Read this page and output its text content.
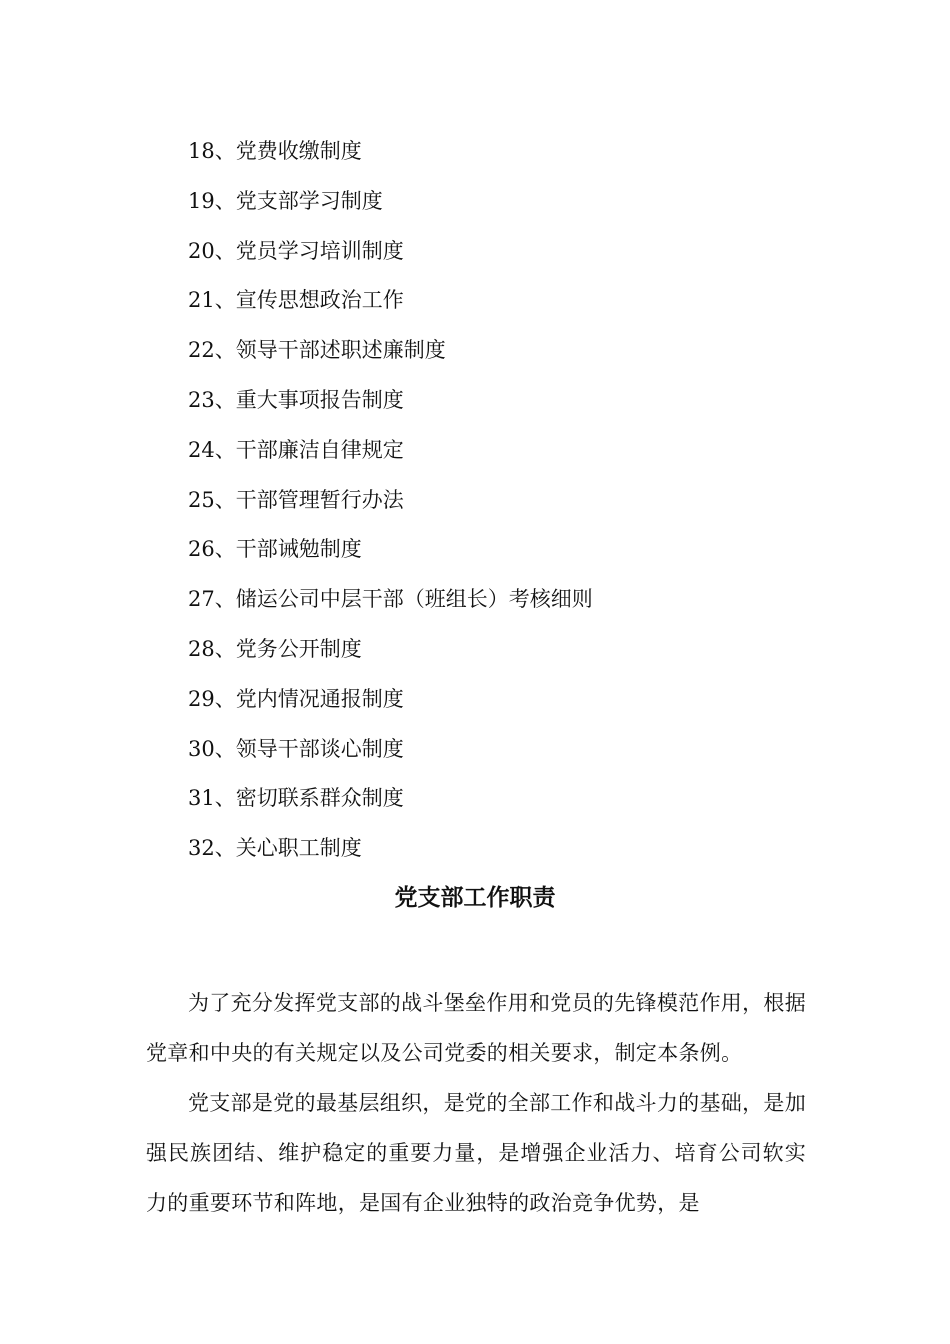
18、党费收缴制度
19、党支部学习制度
20、党员学习培训制度
21、宣传思想政治工作
22、领导干部述职述廉制度
23、重大事项报告制度
24、干部廉洁自律规定
25、干部管理暂行办法
26、干部诫勉制度
27、储运公司中层干部（班组长）考核细则
28、党务公开制度
29、党内情况通报制度
30、领导干部谈心制度
31、密切联系群众制度
32、关心职工制度
党支部工作职责

为了充分发挥党支部的战斗堡垒作用和党员的先锋模范作用，根据党章和中央的有关规定以及公司党委的相关要求，制定本条例。

党支部是党的最基层组织，是党的全部工作和战斗力的基础，是加强民族团结、维护稳定的重要力量，是增强企业活力、培育公司软实力的重要环节和阵地，是国有企业独特的政治竞争优势，是
